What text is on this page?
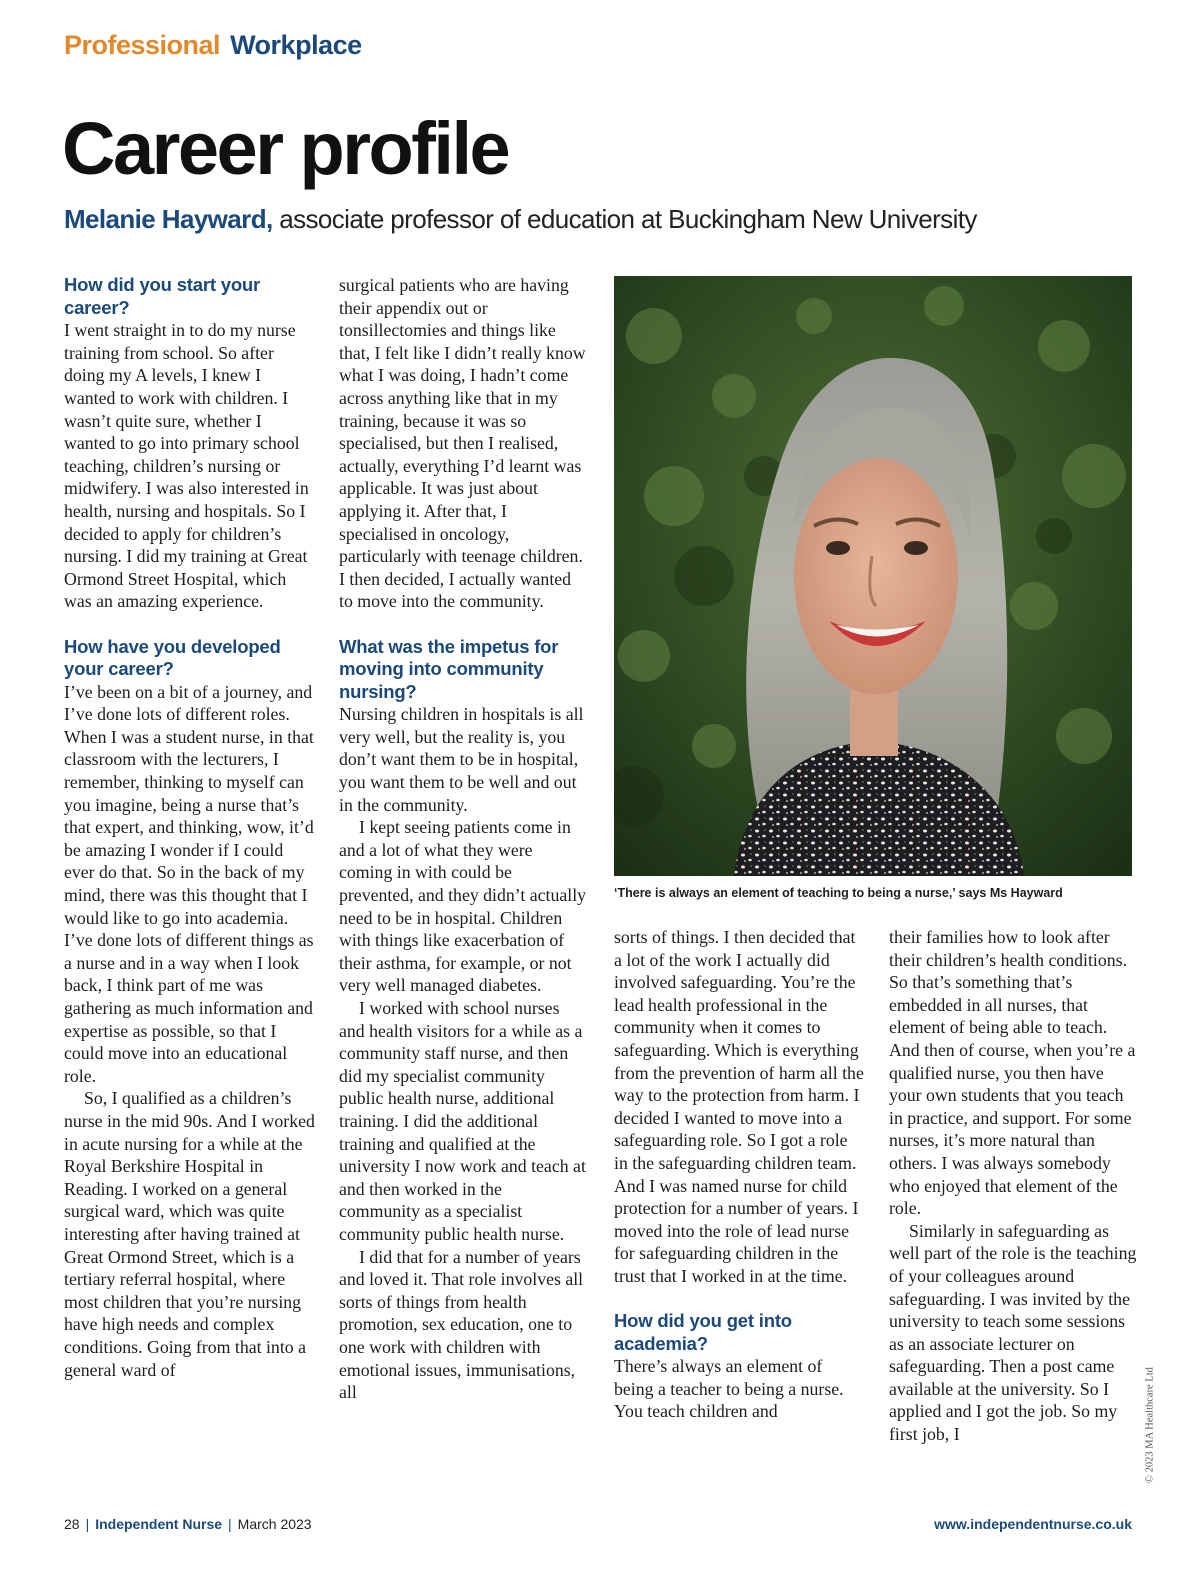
Professional Workplace
Career profile
Melanie Hayward, associate professor of education at Buckingham New University
How did you start your career?

I went straight in to do my nurse training from school. So after doing my A levels, I knew I wanted to work with children. I wasn’t quite sure, whether I wanted to go into primary school teaching, children’s nursing or midwifery. I was also interested in health, nursing and hospitals. So I decided to apply for children’s nursing. I did my training at Great Ormond Street Hospital, which was an amazing experience.

How have you developed your career?

I’ve been on a bit of a journey, and I’ve done lots of different roles. When I was a student nurse, in that classroom with the lecturers, I remember, thinking to myself can you imagine, being a nurse that’s that expert, and thinking, wow, it’d be amazing I wonder if I could ever do that. So in the back of my mind, there was this thought that I would like to go into academia. I’ve done lots of different things as a nurse and in a way when I look back, I think part of me was gathering as much information and expertise as possible, so that I could move into an educational role.

So, I qualified as a children’s nurse in the mid 90s. And I worked in acute nursing for a while at the Royal Berkshire Hospital in Reading. I worked on a general surgical ward, which was quite interesting after having trained at Great Ormond Street, which is a tertiary referral hospital, where most children that you’re nursing have high needs and complex conditions. Going from that into a general ward of

surgical patients who are having their appendix out or tonsillectomies and things like that, I felt like I didn’t really know what I was doing, I hadn’t come across anything like that in my training, because it was so specialised, but then I realised, actually, everything I’d learnt was applicable. It was just about applying it. After that, I specialised in oncology, particularly with teenage children. I then decided, I actually wanted to move into the community.

What was the impetus for moving into community nursing?

Nursing children in hospitals is all very well, but the reality is, you don’t want them to be in hospital, you want them to be well and out in the community.

I kept seeing patients come in and a lot of what they were coming in with could be prevented, and they didn’t actually need to be in hospital. Children with things like exacerbation of their asthma, for example, or not very well managed diabetes.

I worked with school nurses and health visitors for a while as a community staff nurse, and then did my specialist community public health nurse, additional training. I did the additional training and qualified at the university I now work and teach at and then worked in the community as a specialist community public health nurse.

I did that for a number of years and loved it. That role involves all sorts of things from health promotion, sex education, one to one work with children with emotional issues, immunisations, all

‘There is always an element of teaching to being a nurse,’ says Ms Hayward

sorts of things. I then decided that a lot of the work I actually did involved safeguarding. You’re the lead health professional in the community when it comes to safeguarding. Which is everything from the prevention of harm all the way to the protection from harm. I decided I wanted to move into a safeguarding role. So I got a role in the safeguarding children team. And I was named nurse for child protection for a number of years. I moved into the role of lead nurse for safeguarding children in the trust that I worked in at the time.

How did you get into academia?

There’s always an element of being a teacher to being a nurse. You teach children and

their families how to look after their children’s health conditions. So that’s something that’s embedded in all nurses, that element of being able to teach. And then of course, when you’re a qualified nurse, you then have your own students that you teach in practice, and support. For some nurses, it’s more natural than others. I was always somebody who enjoyed that element of the role.

Similarly in safeguarding as well part of the role is the teaching of your colleagues around safeguarding. I was invited by the university to teach some sessions as an associate lecturer on safeguarding. Then a post came available at the university. So I applied and I got the job. So my first job, I	© 2023 MA Healthcare Ltd
28 | Independent Nurse | March 2023	www.independentnurse.co.uk
